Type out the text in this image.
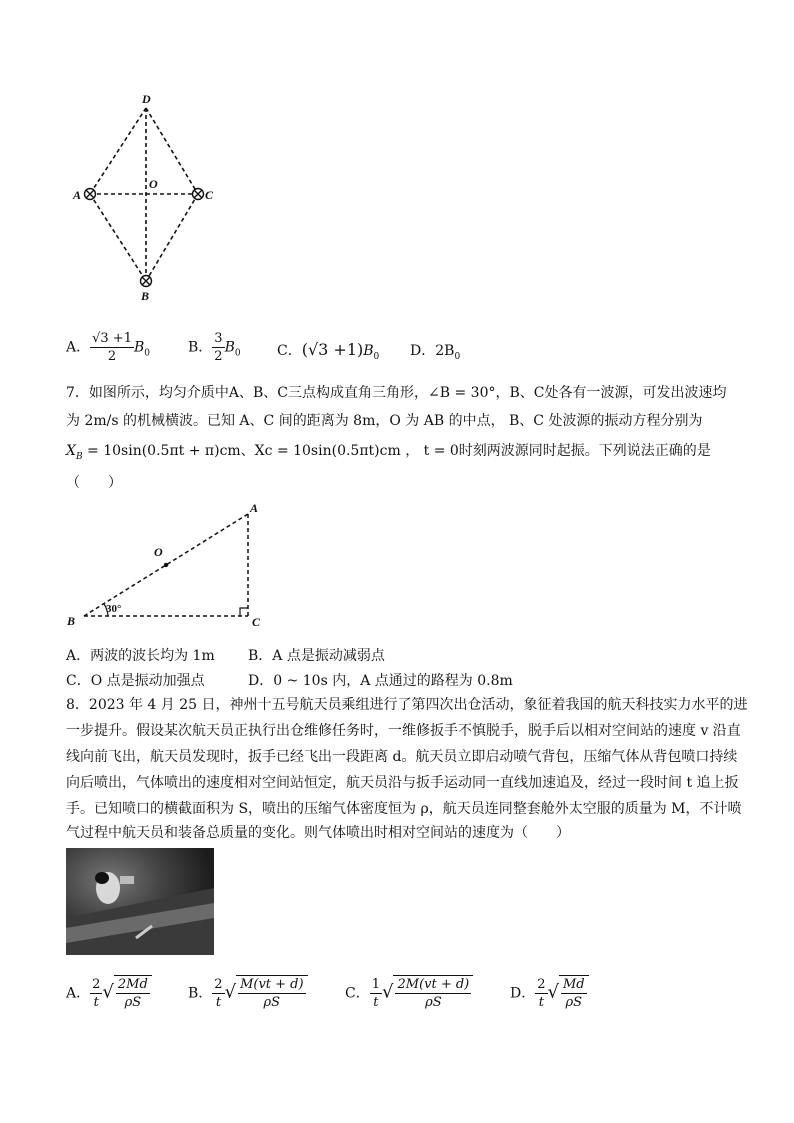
D
A
O
C
B
A． $\frac{√3 +1}{2} B_0$	B． $\frac{3}{2} B_0$	C．$(√3 +1)B_0$ D．$2B_0$
7．如图所示，均匀介质中A、B、C三点构成直角三角形，∠B = 30°，B、C处各有一波源，可发出波速均
为 2m/s 的机械横波。已知 A、C 间的距离为 8m，O 为 AB 的中点， B、C 处波源的振动方程分别为
$X_B = 10\sin(0.5\pi t + \pi)cm$、Xc = 10sin(0.5πt)cm ， t = 0时刻两波源同时起振。下列说法正确的是
（　　）
A
O
B	C
30°
A．两波的波长均为 1m B．A 点是振动减弱点
C．O 点是振动加强点	D．0 ~ 10s 内，A 点通过的路程为 0.8m
8．2023 年 4 月 25 日，神州十五号航天员乘组进行了第四次出仓活动，象征着我国的航天科技实力水平的进
一步提升。假设某次航天员正执行出仓维修任务时，一维修扳手不慎脱手，脱手后以相对空间站的速度 v 沿直
线向前飞出，航天员发现时，扳手已经飞出一段距离 d。航天员立即启动喷气背包，压缩气体从背包喷口持续
向后喷出，气体喷出的速度相对空间站恒定，航天员沿与扳手运动同一直线加速追及，经过一段时间 t 追上扳
手。已知喷口的横截面积为 S，喷出的压缩气体密度恒为 ρ，航天员连同整套舱外太空服的质量为 M，不计喷
气过程中航天员和装备总质量的变化。则气体喷出时相对空间站的速度为（　　）
A． $\frac{2}{t}$ √ $\frac{2Md}{\rho S}$	B． $\frac{2}{t}$ √ $\frac{M(vt + d)}{\rho S}$	C． $\frac{1}{t}$ √ $\frac{2M(vt + d)}{\rho S}$	D． $\frac{2}{t}$ √ $\frac{Md}{\rho S}$
